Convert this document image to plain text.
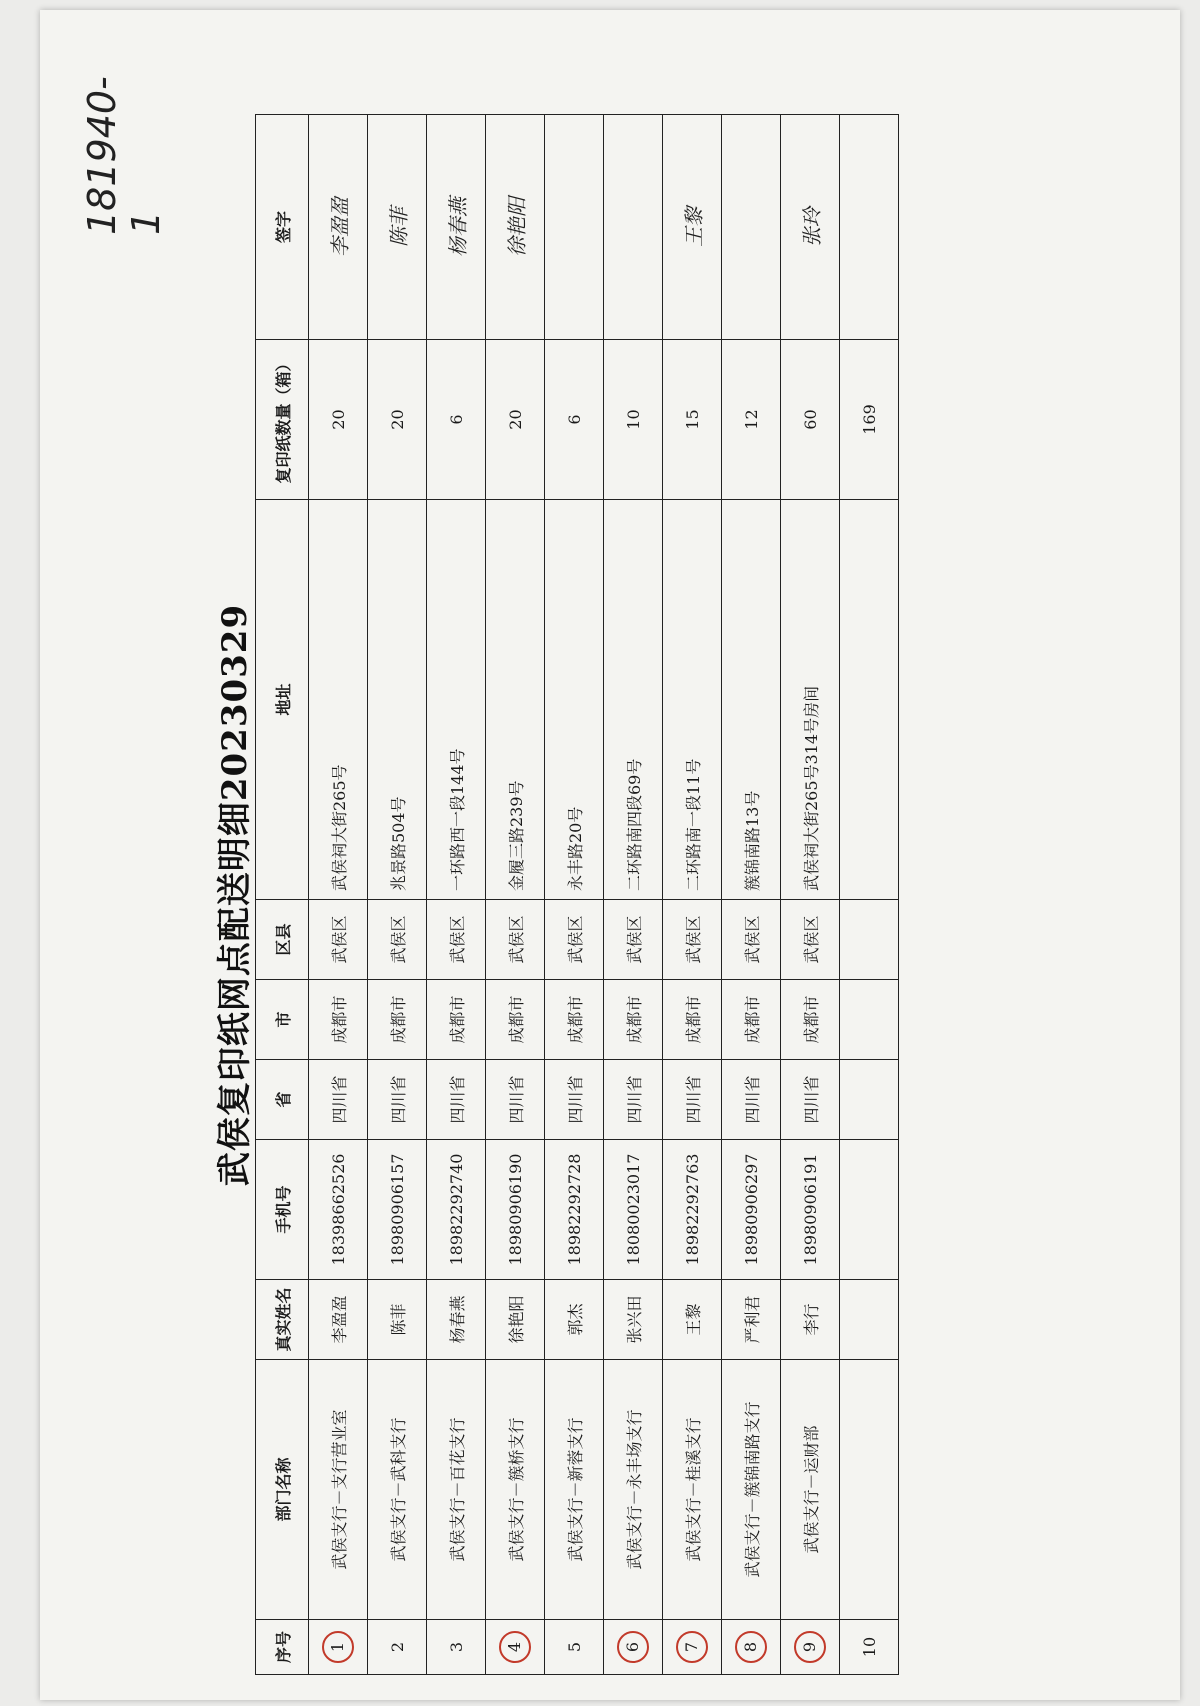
181940-1
武侯复印纸网点配送明细20230329
序号	部门名称	真实姓名	手机号	省	市	区县	地址	复印纸数量（箱）	签字
1	武侯支行－支行营业室	李盈盈	18398662526	四川省	成都市	武侯区	武侯祠大街265号	20	李盈盈
2	武侯支行－武科支行	陈菲	18980906157	四川省	成都市	武侯区	兆景路504号	20	陈菲
3	武侯支行－百花支行	杨春燕	18982292740	四川省	成都市	武侯区	一环路西一段144号	6	杨春燕
4	武侯支行－簇桥支行	徐艳阳	18980906190	四川省	成都市	武侯区	金履三路239号	20	徐艳阳
5	武侯支行－新蓉支行	郭杰	18982292728	四川省	成都市	武侯区	永丰路20号	6	
6	武侯支行－永丰场支行	张兴田	18080023017	四川省	成都市	武侯区	二环路南四段69号	10	
7	武侯支行－桂溪支行	王黎	18982292763	四川省	成都市	武侯区	二环路南一段11号	15	王黎
8	武侯支行－簇锦南路支行	严利君	18980906297	四川省	成都市	武侯区	簇锦南路13号	12	
9	武侯支行－运财部	李行	18980906191	四川省	成都市	武侯区	武侯祠大街265号314号房间	60	张玲
10								169	
